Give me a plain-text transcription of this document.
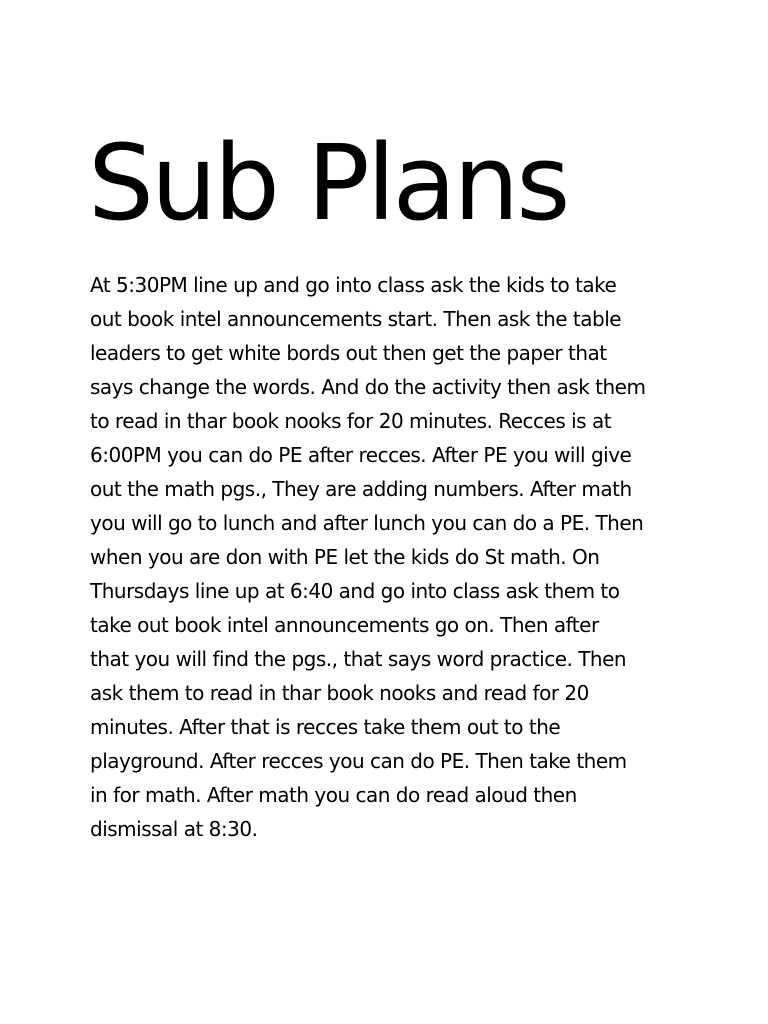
Sub Plans
At 5:30PM line up and go into class ask the kids to take
out book intel announcements start. Then ask the table
leaders to get white bords out then get the paper that
says change the words. And do the activity then ask them
to read in thar book nooks for 20 minutes. Recces is at
6:00PM you can do PE after recces. After PE you will give
out the math pgs., They are adding numbers. After math
you will go to lunch and after lunch you can do a PE. Then
when you are don with PE let the kids do St math. On
Thursdays line up at 6:40 and go into class ask them to
take out book intel announcements go on. Then after
that you will find the pgs., that says word practice. Then
ask them to read in thar book nooks and read for 20
minutes. After that is recces take them out to the
playground. After recces you can do PE. Then take them
in for math. After math you can do read aloud then
dismissal at 8:30.
